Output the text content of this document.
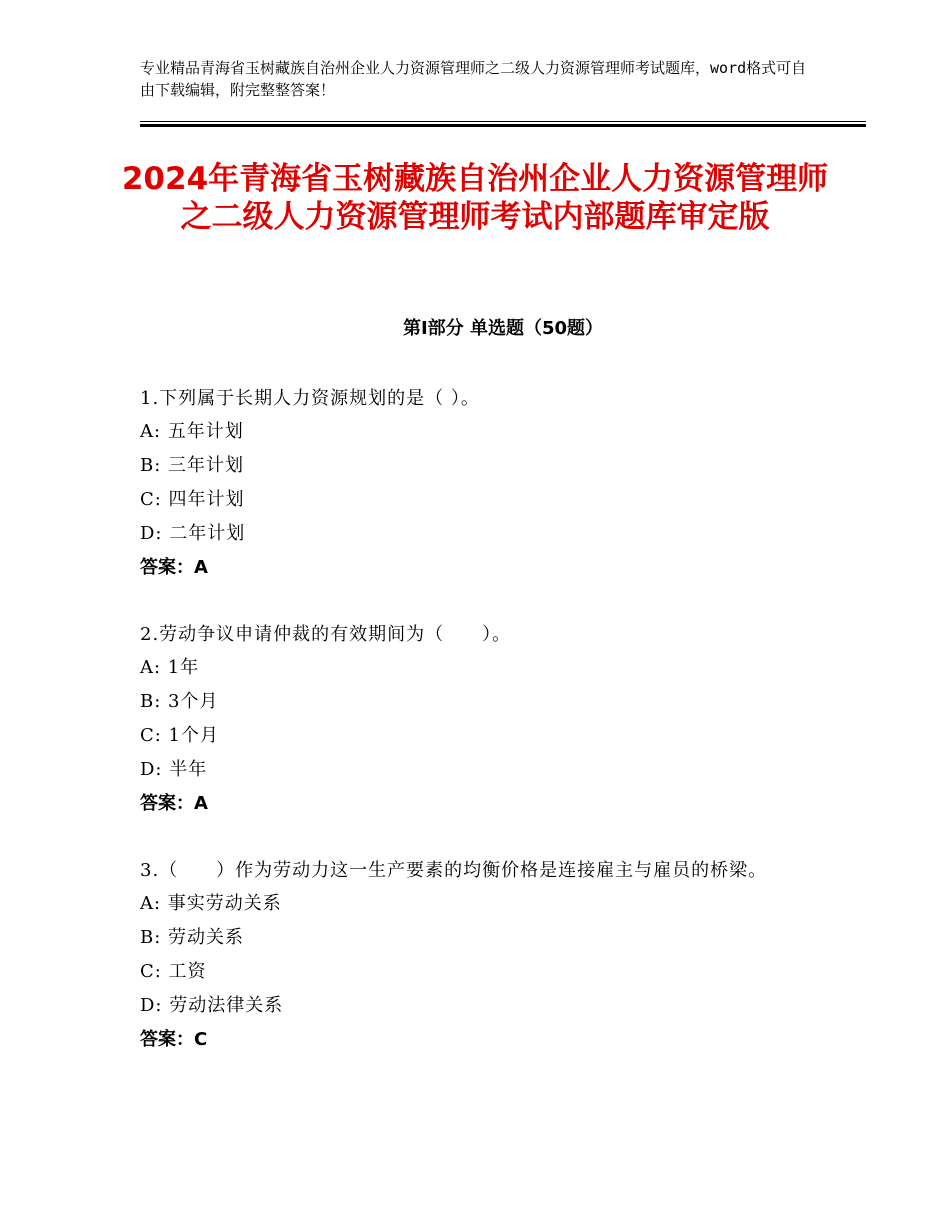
专业精品青海省玉树藏族自治州企业人力资源管理师之二级人力资源管理师考试题库，word格式可自由下载编辑，附完整整答案！
2024年青海省玉树藏族自治州企业人力资源管理师之二级人力资源管理师考试内部题库审定版
第Ⅰ部分 单选题（50题）
1.下列属于长期人力资源规划的是（ ）。
A: 五年计划
B: 三年计划
C: 四年计划
D: 二年计划
答案：A
2.劳动争议申请仲裁的有效期间为（　　）。
A: 1年
B: 3个月
C: 1个月
D: 半年
答案：A
3.（　　）作为劳动力这一生产要素的均衡价格是连接雇主与雇员的桥梁。
A: 事实劳动关系
B: 劳动关系
C: 工资
D: 劳动法律关系
答案：C
